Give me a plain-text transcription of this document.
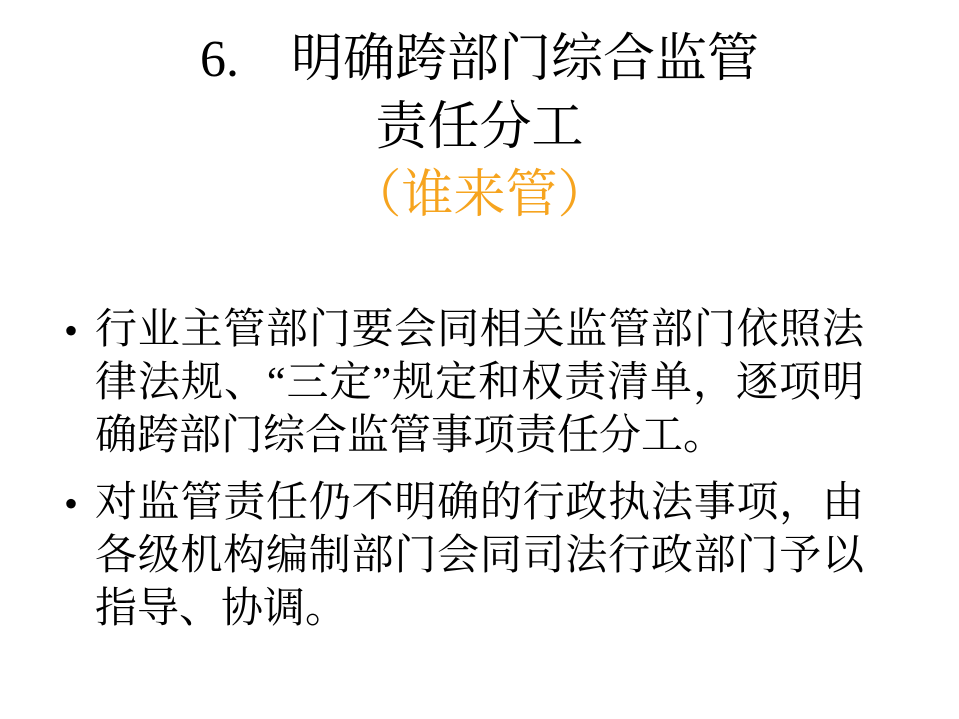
6.　明确跨部门综合监管
责任分工
（谁来管）
• 行业主管部门要会同相关监管部门依照法律法规、“三定”规定和权责清单，逐项明确跨部门综合监管事项责任分工。
• 对监管责任仍不明确的行政执法事项，由各级机构编制部门会同司法行政部门予以指导、协调。
